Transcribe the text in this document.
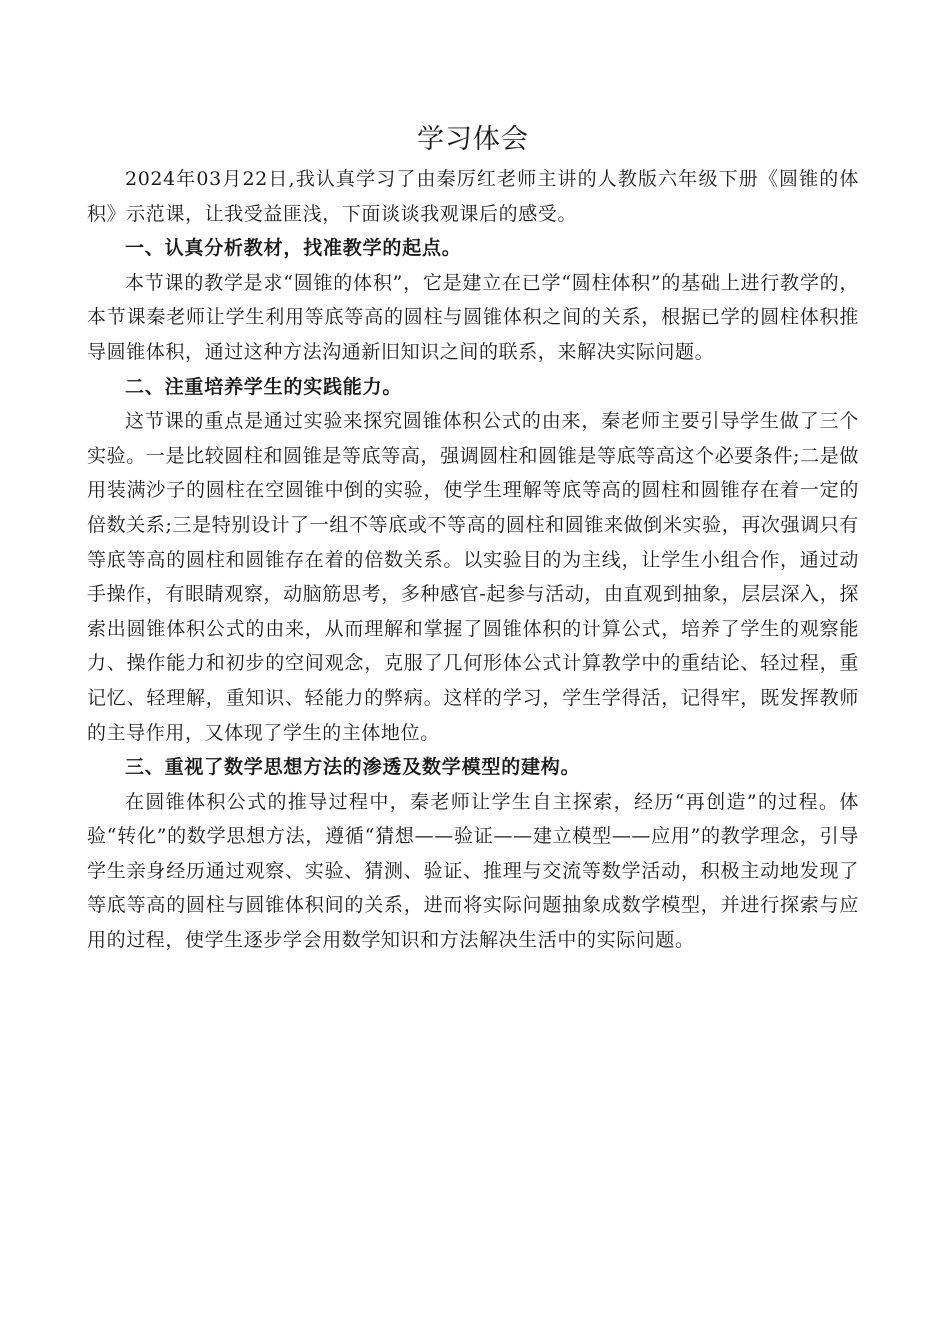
学习体会

2024年03月22日,我认真学习了由秦厉红老师主讲的人教版六年级下册《圆锥的体积》示范课，让我受益匪浅，下面谈谈我观课后的感受。

一、认真分析教材，找准教学的起点。

本节课的教学是求“圆锥的体积”，它是建立在已学“圆柱体积”的基础上进行教学的，本节课秦老师让学生利用等底等高的圆柱与圆锥体积之间的关系，根据已学的圆柱体积推导圆锥体积，通过这种方法沟通新旧知识之间的联系，来解决实际问题。

二、注重培养学生的实践能力。

这节课的重点是通过实验来探究圆锥体积公式的由来，秦老师主要引导学生做了三个实验。一是比较圆柱和圆锥是等底等高，强调圆柱和圆锥是等底等高这个必要条件;二是做用装满沙子的圆柱在空圆锥中倒的实验，使学生理解等底等高的圆柱和圆锥存在着一定的倍数关系;三是特别设计了一组不等底或不等高的圆柱和圆锥来做倒米实验，再次强调只有等底等高的圆柱和圆锥存在着的倍数关系。以实验目的为主线，让学生小组合作，通过动手操作，有眼睛观察，动脑筋思考，多种感官-起参与活动，由直观到抽象，层层深入，探索出圆锥体积公式的由来，从而理解和掌握了圆锥体积的计算公式，培养了学生的观察能力、操作能力和初步的空间观念，克服了几何形体公式计算教学中的重结论、轻过程，重记忆、轻理解，重知识、轻能力的弊病。这样的学习，学生学得活，记得牢，既发挥教师的主导作用，又体现了学生的主体地位。

三、重视了数学思想方法的渗透及数学模型的建构。

在圆锥体积公式的推导过程中，秦老师让学生自主探索，经历“再创造”的过程。体验“转化”的数学思想方法，遵循“猜想——验证——建立模型——应用”的教学理念，引导学生亲身经历通过观察、实验、猜测、验证、推理与交流等数学活动，积极主动地发现了等底等高的圆柱与圆锥体积间的关系，进而将实际问题抽象成数学模型，并进行探索与应用的过程，使学生逐步学会用数学知识和方法解决生活中的实际问题。
